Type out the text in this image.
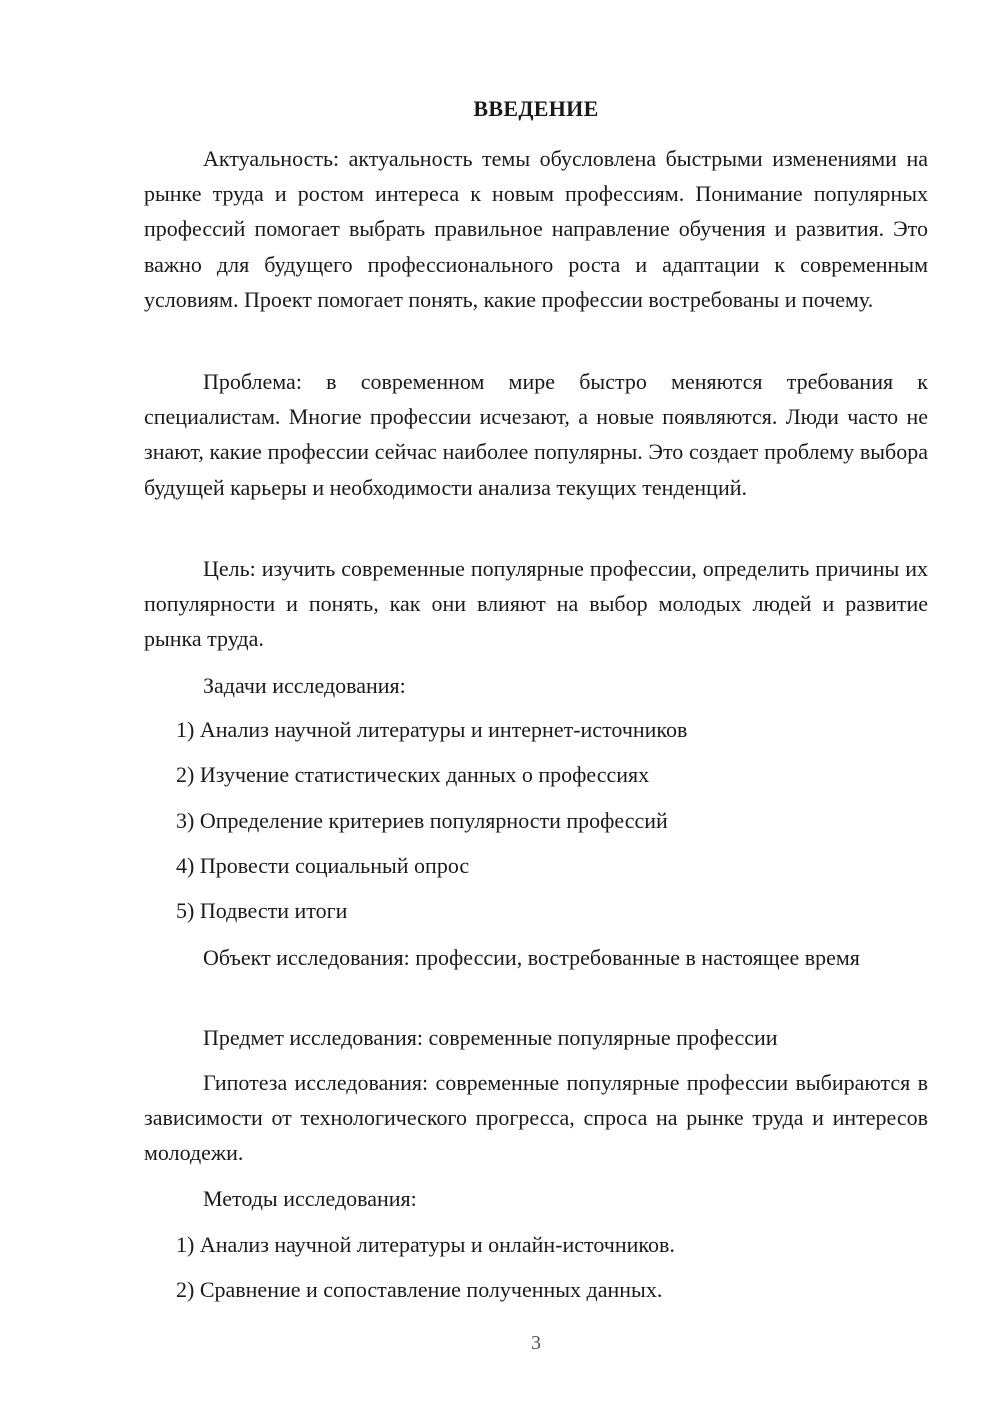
ВВЕДЕНИЕ

Актуальность: актуальность темы обусловлена быстрыми изменениями на рынке труда и ростом интереса к новым профессиям. Понимание популярных профессий помогает выбрать правильное направление обучения и развития. Это важно для будущего профессионального роста и адаптации к современным условиям. Проект помогает понять, какие профессии востребованы и почему.

Проблема: в современном мире быстро меняются требования к специалистам. Многие профессии исчезают, а новые появляются. Люди часто не знают, какие профессии сейчас наиболее популярны. Это создает проблему выбора будущей карьеры и необходимости анализа текущих тенденций.

Цель: изучить современные популярные профессии, определить причины их популярности и понять, как они влияют на выбор молодых людей и развитие рынка труда.

Задачи исследования:

1) Анализ научной литературы и интернет-источников

2) Изучение статистических данных о профессиях

3) Определение критериев популярности профессий

4) Провести социальный опрос

5) Подвести итоги

Объект исследования: профессии, востребованные в настоящее время

Предмет исследования: современные популярные профессии

Гипотеза исследования: современные популярные профессии выбираются в зависимости от технологического прогресса, спроса на рынке труда и интересов молодежи.

Методы исследования:

1) Анализ научной литературы и онлайн-источников.

2) Сравнение и сопоставление полученных данных.

3
